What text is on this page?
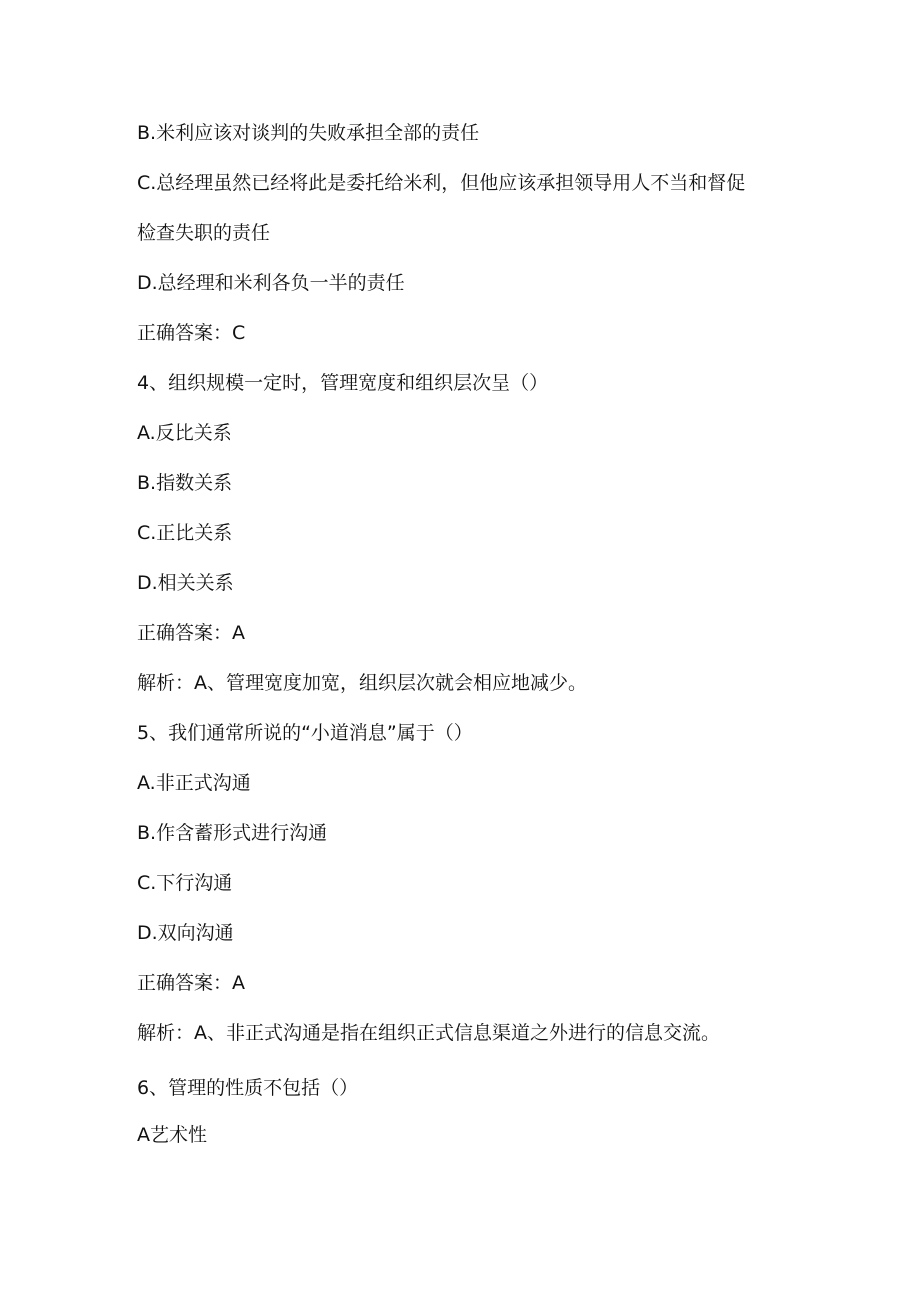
B.米利应该对谈判的失败承担全部的责任

C.总经理虽然已经将此是委托给米利，但他应该承担领导用人不当和督促

检查失职的责任

D.总经理和米利各负一半的责任

正确答案：C

4、组织规模一定时，管理宽度和组织层次呈（）

A.反比关系

B.指数关系

C.正比关系

D.相关关系

正确答案：A

解析：A、管理宽度加宽，组织层次就会相应地减少。

5、我们通常所说的“小道消息”属于（）

A.非正式沟通

B.作含蓄形式进行沟通

C.下行沟通

D.双向沟通

正确答案：A

解析：A、非正式沟通是指在组织正式信息渠道之外进行的信息交流。

6、管理的性质不包括（）

A艺术性
